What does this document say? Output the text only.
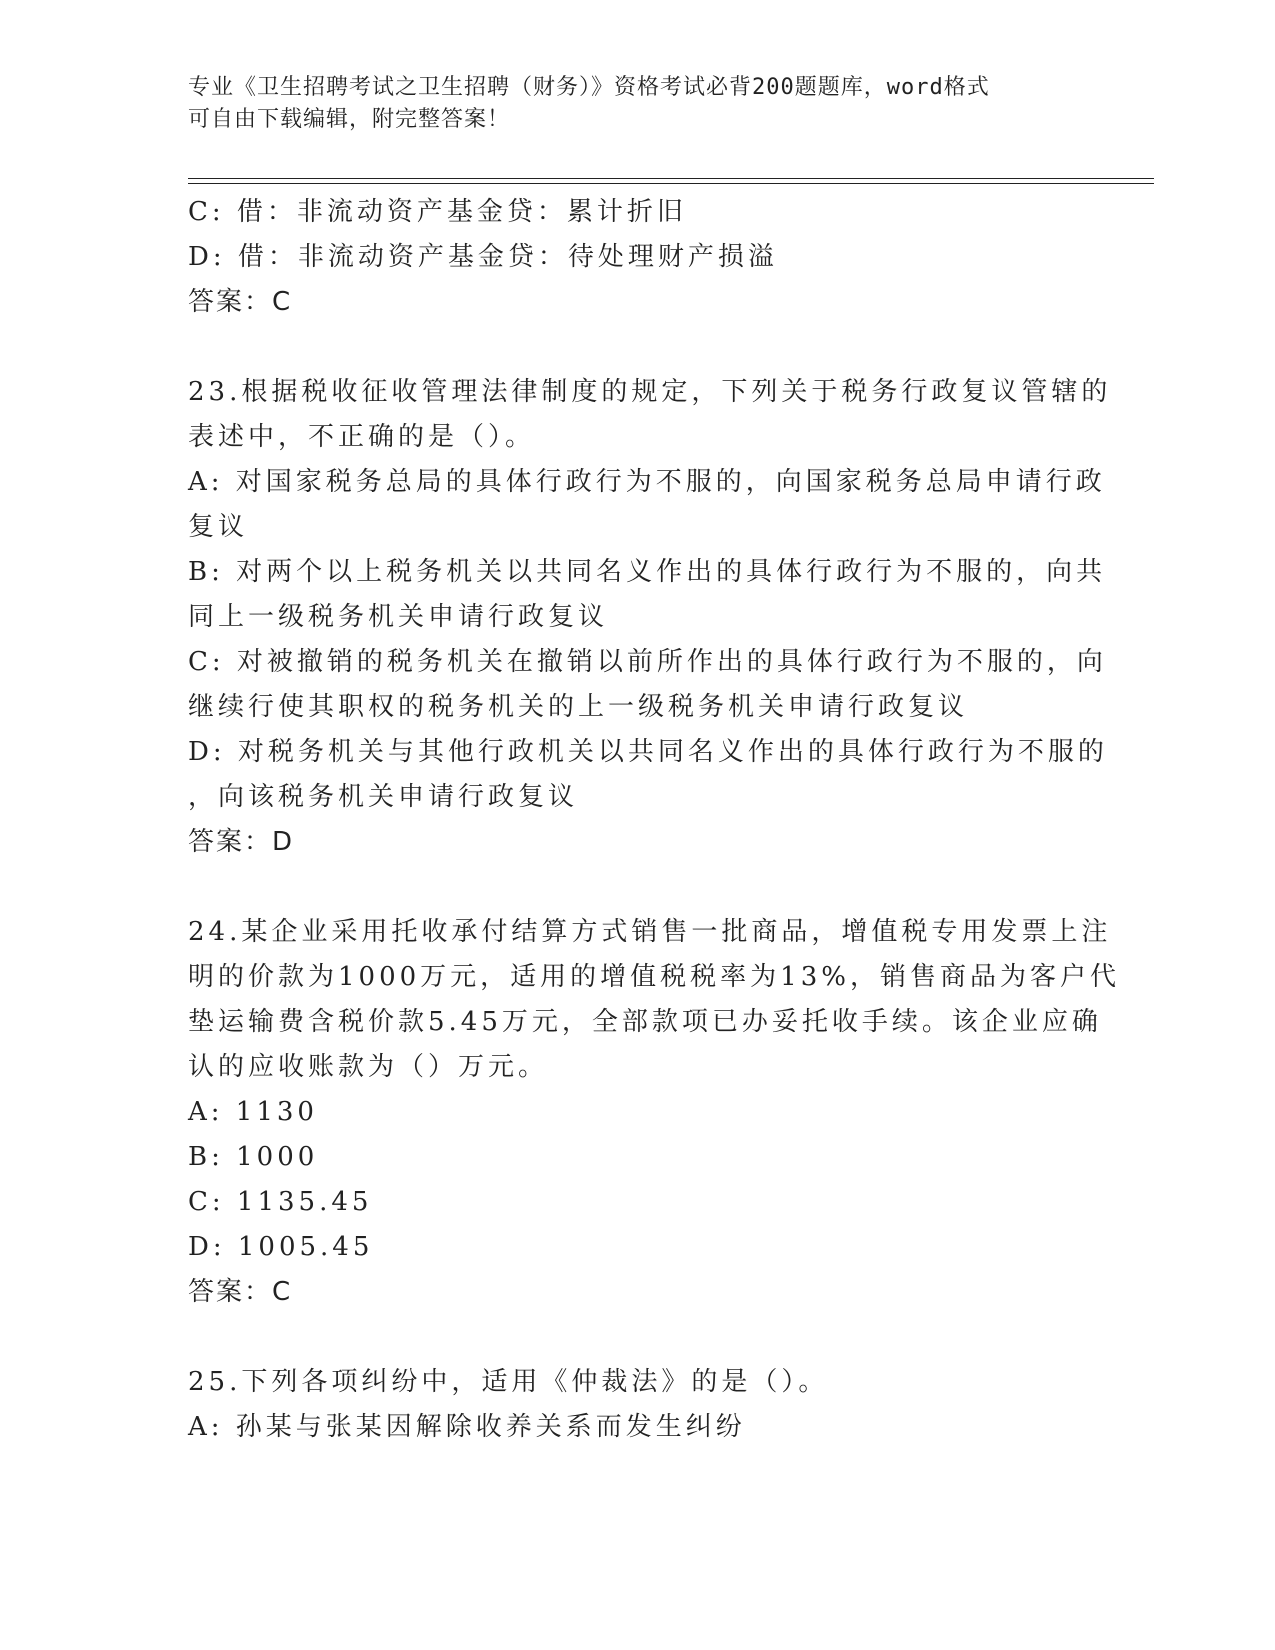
专业《卫生招聘考试之卫生招聘（财务）》资格考试必背200题题库，word格式
可自由下载编辑，附完整答案！
C: 借：非流动资产基金贷：累计折旧
D: 借：非流动资产基金贷：待处理财产损溢
答案：C
23.根据税收征收管理法律制度的规定，下列关于税务行政复议管辖的
表述中，不正确的是（）。
A: 对国家税务总局的具体行政行为不服的，向国家税务总局申请行政
复议
B: 对两个以上税务机关以共同名义作出的具体行政行为不服的，向共
同上一级税务机关申请行政复议
C: 对被撤销的税务机关在撤销以前所作出的具体行政行为不服的，向
继续行使其职权的税务机关的上一级税务机关申请行政复议
D: 对税务机关与其他行政机关以共同名义作出的具体行政行为不服的
，向该税务机关申请行政复议
答案：D
24.某企业采用托收承付结算方式销售一批商品，增值税专用发票上注
明的价款为1000万元，适用的增值税税率为13%，销售商品为客户代
垫运输费含税价款5.45万元，全部款项已办妥托收手续。该企业应确
认的应收账款为（）万元。
A: 1130
B: 1000
C: 1135.45
D: 1005.45
答案：C
25.下列各项纠纷中，适用《仲裁法》的是（）。
A: 孙某与张某因解除收养关系而发生纠纷
